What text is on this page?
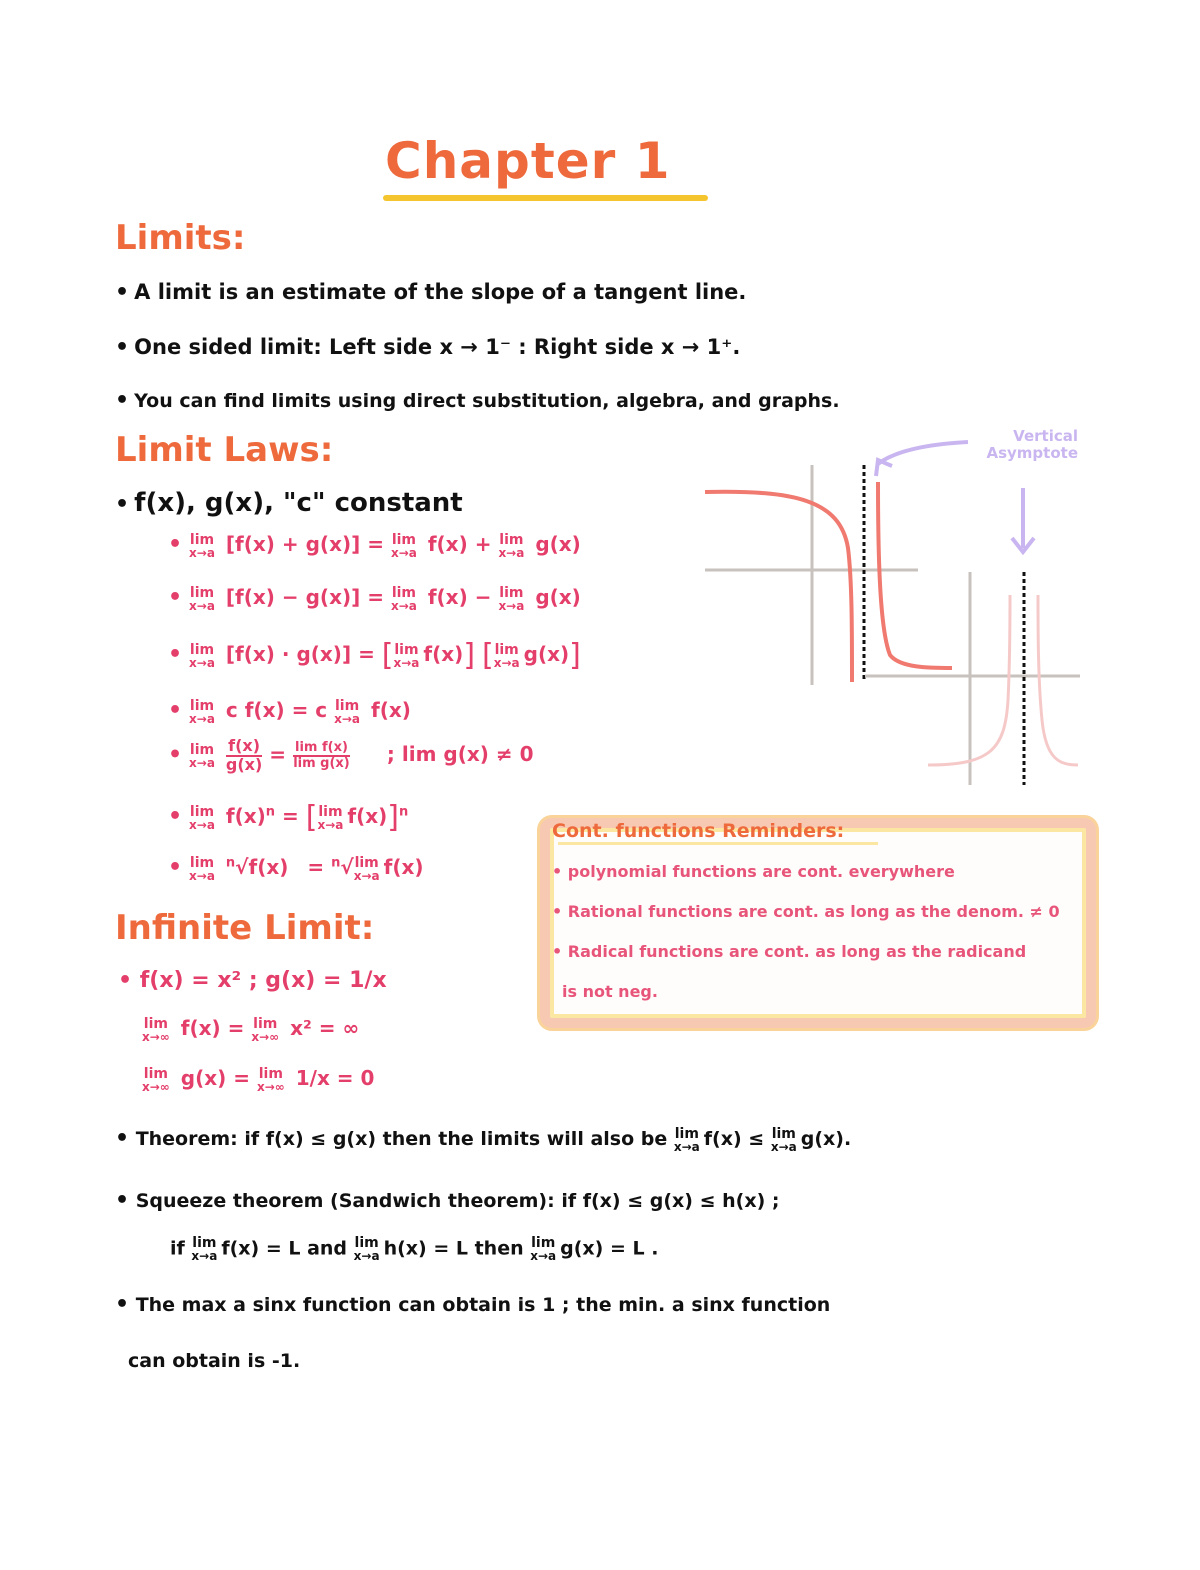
Chapter 1
Limits:
• A limit is an estimate of the slope of a tangent line.
• One sided limit: Left side x → 1⁻ : Right side x → 1⁺.
• You can find limits using direct substitution, algebra, and graphs.
Limit Laws:
• f(x), g(x), "c" constant
• lim
x→a [f(x) + g(x)] = lim
x→a f(x) + lim
x→a g(x)
• lim
x→a [f(x) − g(x)] = lim
x→a f(x) − lim
x→a g(x)
• lim
x→a [f(x) · g(x)] = [ lim
x→a f(x)] [ lim
x→a g(x)]
• lim
x→a c f(x) = c lim
x→a f(x)
• lim
x→a
$\frac{f(x)}{g(x)} = \frac{\text{lim f(x)}}{\text{lim g(x)}}$ ; lim g(x) ≠ 0
• lim
x→a $f(x)^n$ = [ lim
x→a f(x)]$^n$
• lim
x→a
$^n$√f(x) = $^n$√ lim
x→a f(x)
Vertical Asymptote
Cont. functions Reminders:
• polynomial functions are cont. everywhere
• Rational functions are cont. as long as the denom. ≠ 0
• Radical functions are cont. as long as the radicand
is not neg.
Infinite Limit:
• f(x) = x² ; g(x) = 1/x
lim
x→∞ f(x) = lim
x→∞ x² = ∞
lim
x→∞ g(x) = lim
x→∞ 1/x = 0
• Theorem: if f(x) ≤ g(x) then the limits will also be lim
x→a f(x) ≤ lim
x→a g(x).
• Squeeze theorem (Sandwich theorem): if f(x) ≤ g(x) ≤ h(x) ;
if lim
x→a f(x) = L and lim
x→a h(x) = L then lim
x→a g(x) = L .
• The max a sinx function can obtain is 1 ; the min. a sinx function
can obtain is -1.
